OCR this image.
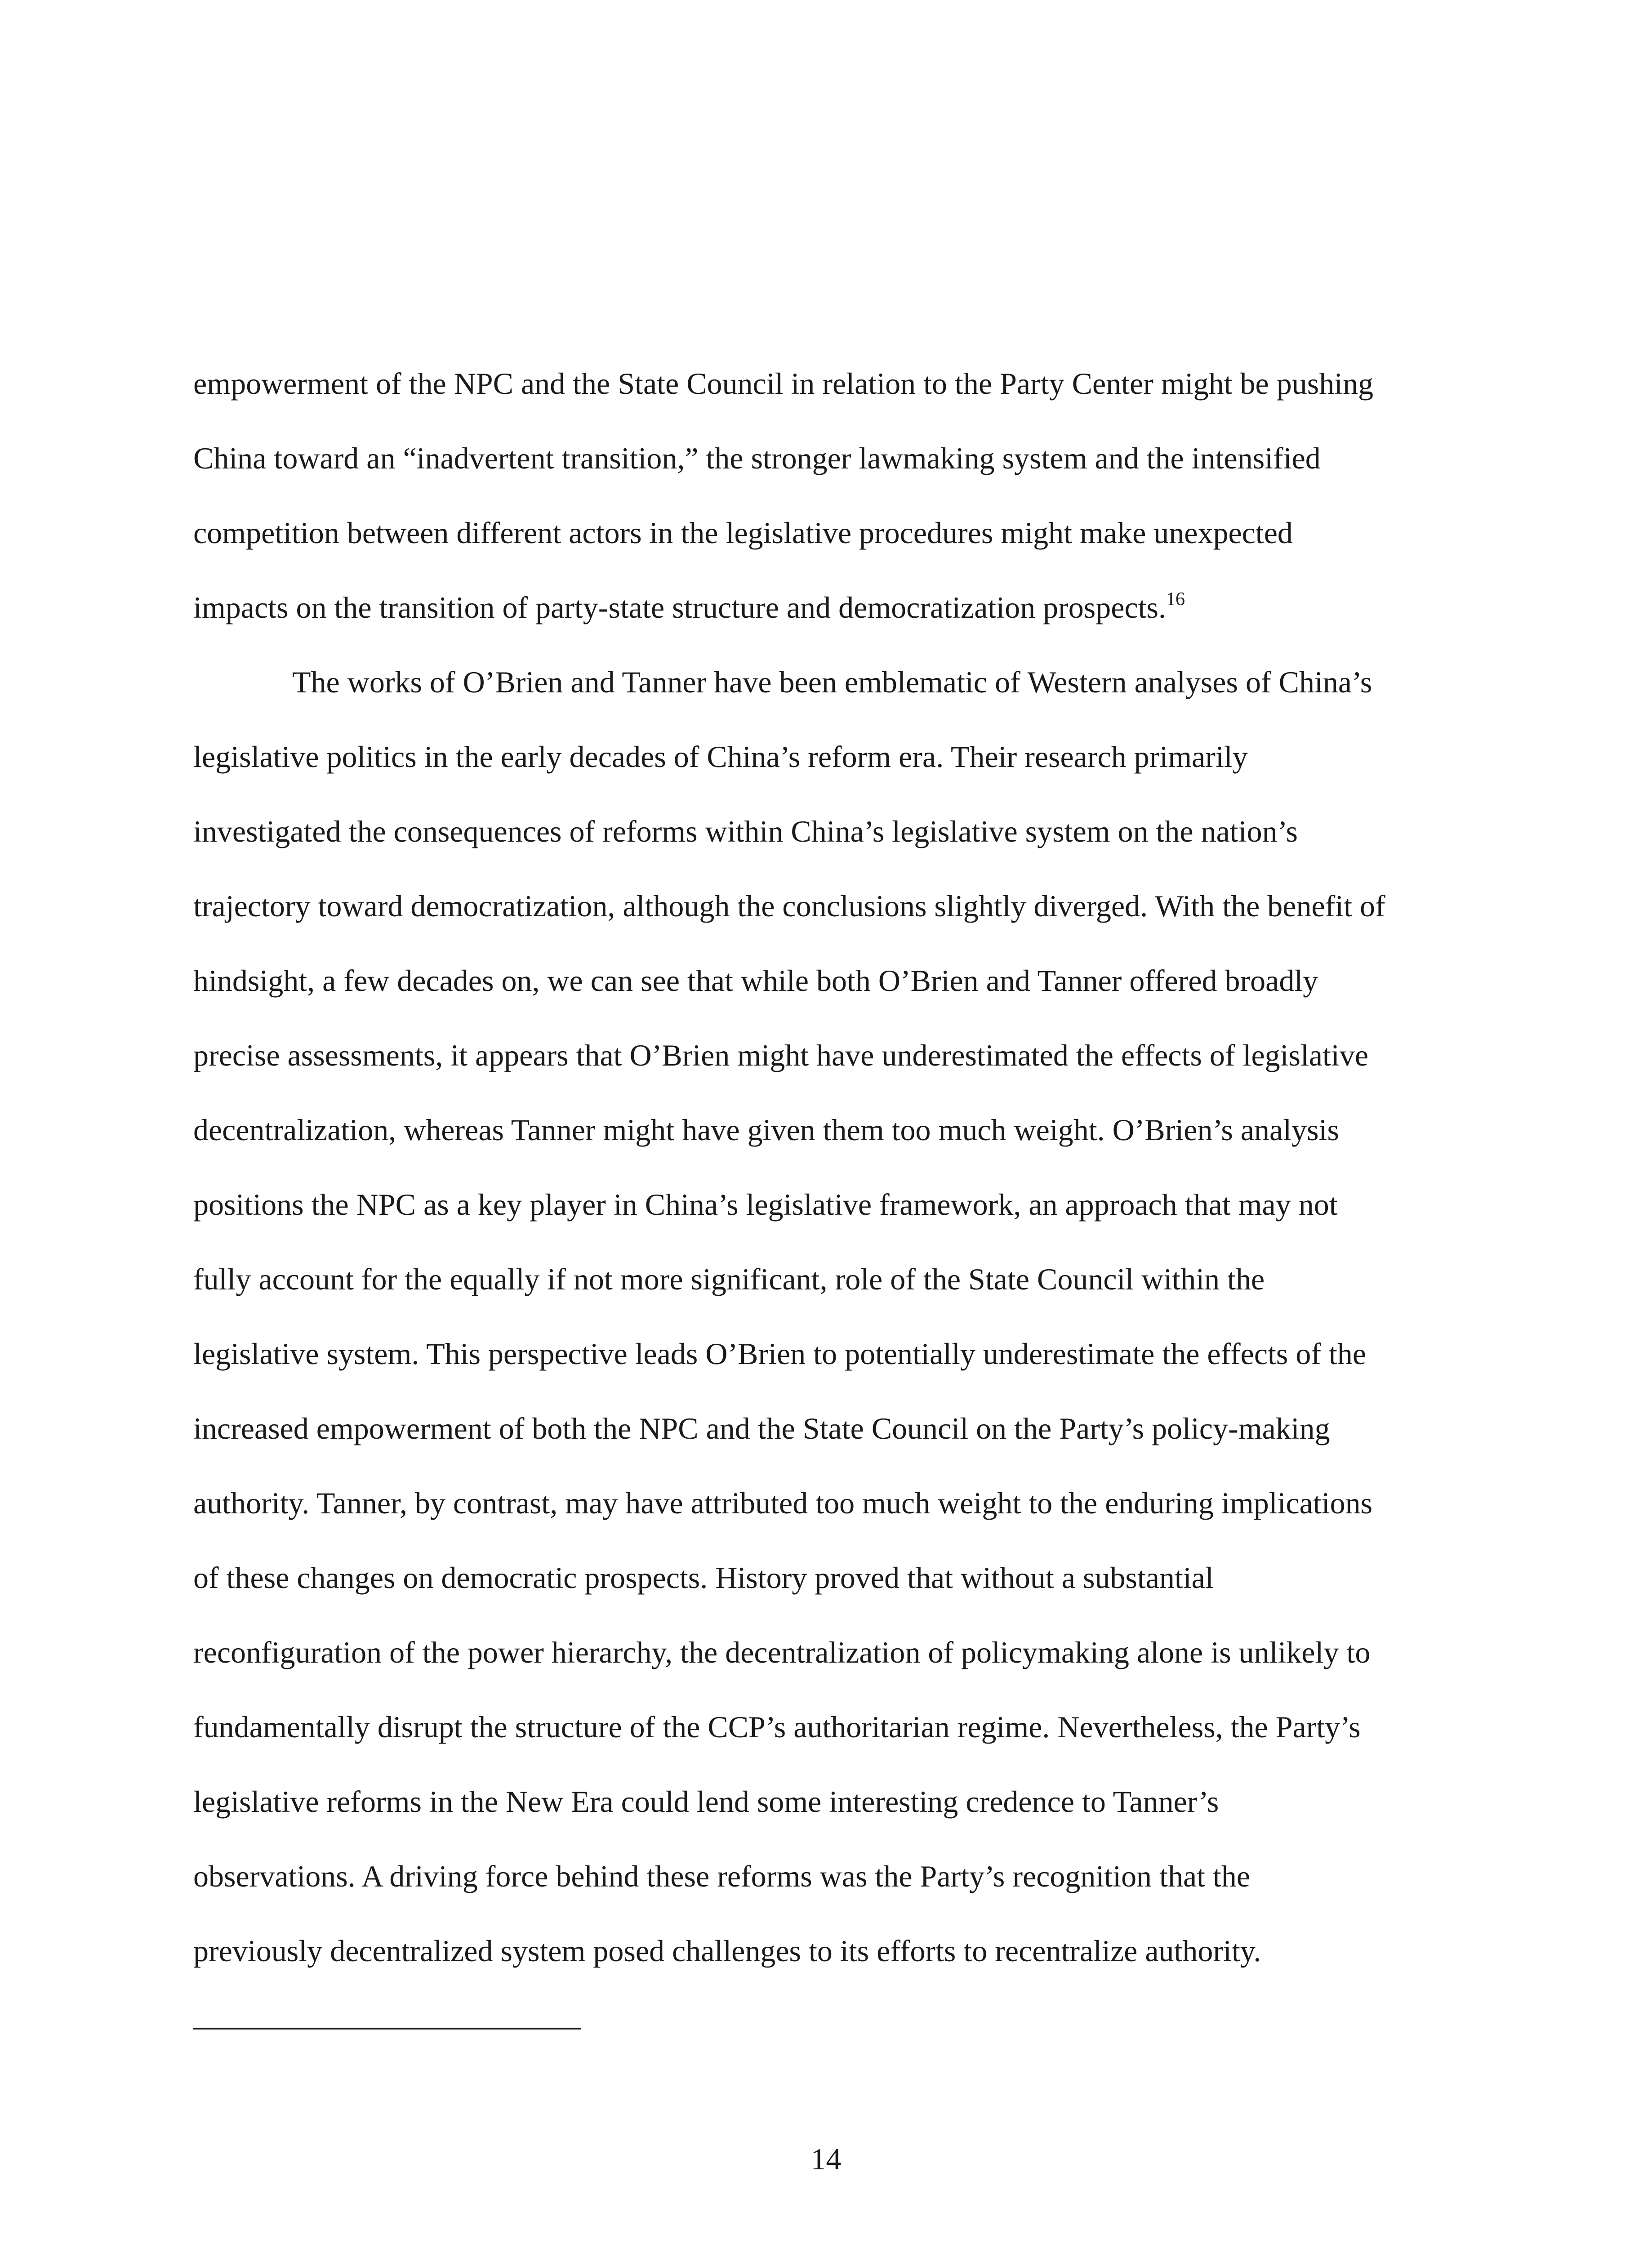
empowerment of the NPC and the State Council in relation to the Party Center might be pushing
China toward an “inadvertent transition,” the stronger lawmaking system and the intensified
competition between different actors in the legislative procedures might make unexpected
impacts on the transition of party-state structure and democratization prospects.$^{16}$
The works of O’Brien and Tanner have been emblematic of Western analyses of China’s
legislative politics in the early decades of China’s reform era. Their research primarily
investigated the consequences of reforms within China’s legislative system on the nation’s
trajectory toward democratization, although the conclusions slightly diverged. With the benefit of
hindsight, a few decades on, we can see that while both O’Brien and Tanner offered broadly
precise assessments, it appears that O’Brien might have underestimated the effects of legislative
decentralization, whereas Tanner might have given them too much weight. O’Brien’s analysis
positions the NPC as a key player in China’s legislative framework, an approach that may not
fully account for the equally if not more significant, role of the State Council within the
legislative system. This perspective leads O’Brien to potentially underestimate the effects of the
increased empowerment of both the NPC and the State Council on the Party’s policy-making
authority. Tanner, by contrast, may have attributed too much weight to the enduring implications
of these changes on democratic prospects. History proved that without a substantial
reconfiguration of the power hierarchy, the decentralization of policymaking alone is unlikely to
fundamentally disrupt the structure of the CCP’s authoritarian regime. Nevertheless, the Party’s
legislative reforms in the New Era could lend some interesting credence to Tanner’s
observations. A driving force behind these reforms was the Party’s recognition that the
previously decentralized system posed challenges to its efforts to recentralize authority.
14
